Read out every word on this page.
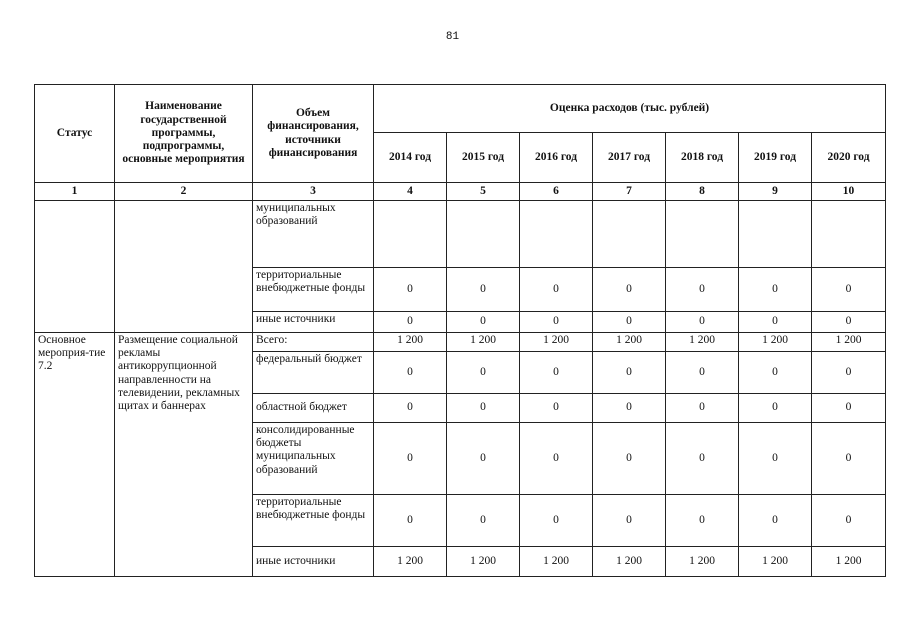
81
Статус	Наименование государственной программы, подпрограммы, основные мероприятия	Объем финансирования, источники финансирования	Оценка расходов (тыс. рублей)						
			2014 год	2015 год	2016 год	2017 год	2018 год	2019 год	2020 год
1	2	3	4	5	6	7	8	9	10
		муниципальных образований							
		территориальные внебюджетные фонды	0	0	0	0	0	0	0
		иные источники	0	0	0	0	0	0	0
Основное мероприя-тие 7.2	Размещение социальной рекламы антикоррупционной направленности на телевидении, рекламных щитах и баннерах	Всего:	1 200	1 200	1 200	1 200	1 200	1 200	1 200
		федеральный бюджет	0	0	0	0	0	0	0
		областной бюджет	0	0	0	0	0	0	0
		консолидированные бюджеты муниципальных образований	0	0	0	0	0	0	0
		территориальные внебюджетные фонды	0	0	0	0	0	0	0
		иные источники	1 200	1 200	1 200	1 200	1 200	1 200	1 200
